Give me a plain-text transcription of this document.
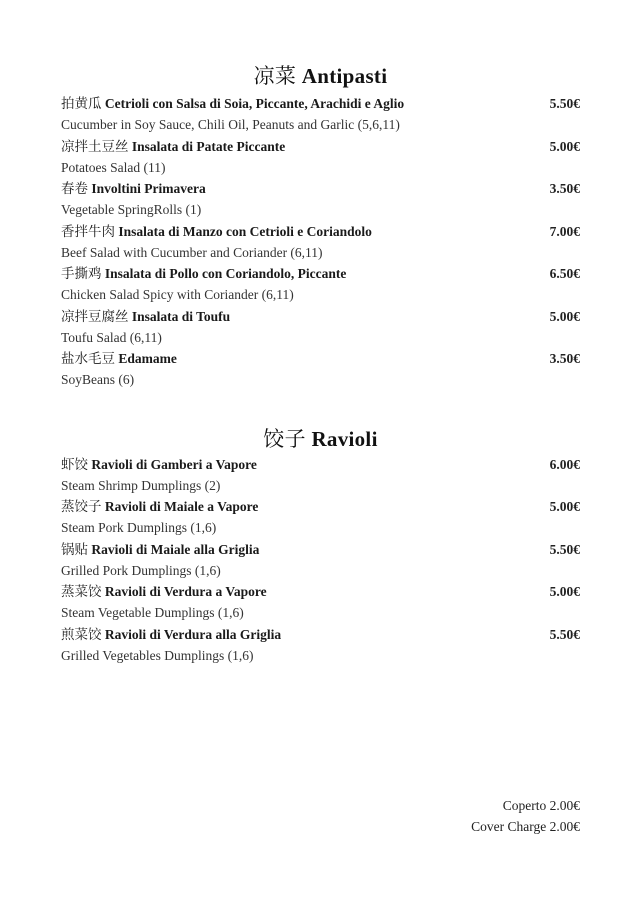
凉菜 Antipasti
拍黄瓜 Cetrioli con Salsa di Soia, Piccante, Arachidi e Aglio	5.50€
Cucumber in Soy Sauce, Chili Oil, Peanuts and Garlic (5,6,11)
凉拌土豆丝 Insalata di Patate Piccante	5.00€
Potatoes Salad (11)
春卷 Involtini Primavera	3.50€
Vegetable SpringRolls (1)
香拌牛肉 Insalata di Manzo con Cetrioli e Coriandolo	7.00€
Beef Salad with Cucumber and Coriander (6,11)
手撕鸡 Insalata di Pollo con Coriandolo, Piccante	6.50€
Chicken Salad Spicy with Coriander (6,11)
凉拌豆腐丝 Insalata di Toufu	5.00€
Toufu Salad (6,11)
盐水毛豆 Edamame	3.50€
SoyBeans (6)
饺子 Ravioli
虾饺 Ravioli di Gamberi a Vapore	6.00€
Steam Shrimp Dumplings (2)
蒸饺子 Ravioli di Maiale a Vapore	5.00€
Steam Pork Dumplings (1,6)
锅贴 Ravioli di Maiale alla Griglia	5.50€
Grilled Pork Dumplings (1,6)
蒸菜饺 Ravioli di Verdura a Vapore	5.00€
Steam Vegetable Dumplings (1,6)
煎菜饺 Ravioli di Verdura alla Griglia	5.50€
Grilled Vegetables Dumplings (1,6)
Coperto 2.00€
Cover Charge 2.00€
